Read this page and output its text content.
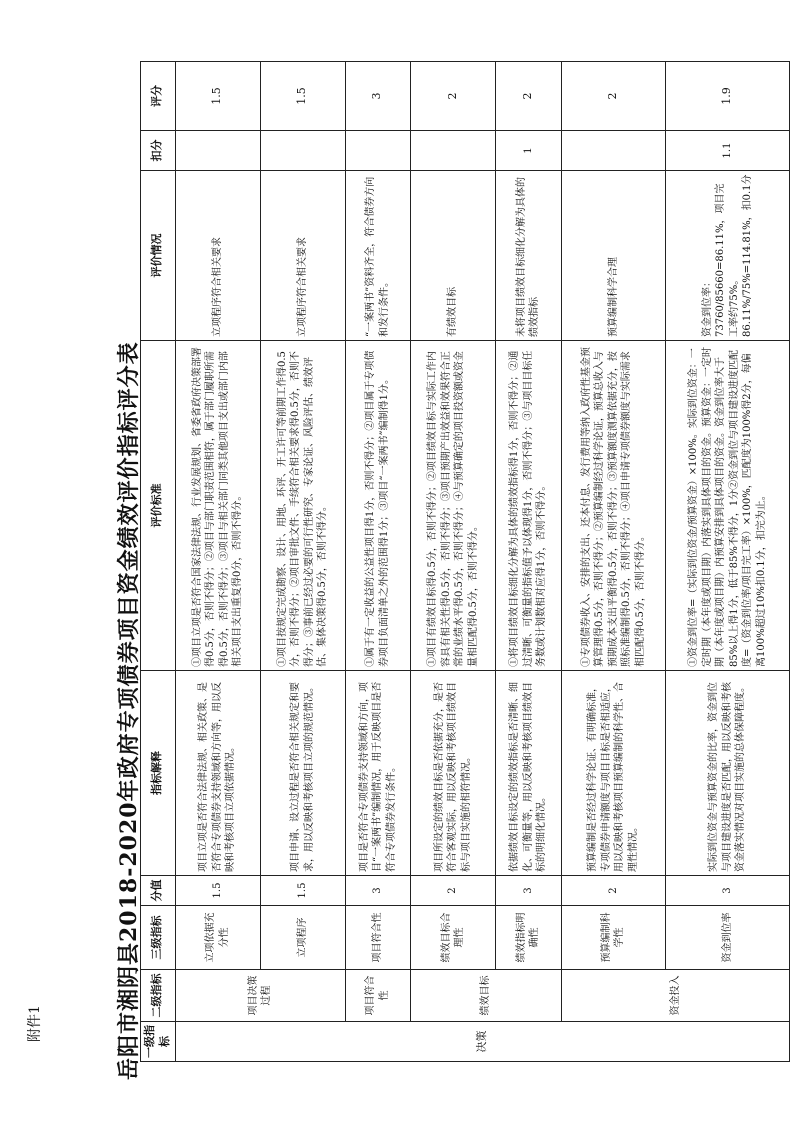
附件1	岳阳市湘阴县2018-2020年政府专项债券项目资金绩效评价指标评分表 一级指标	二级指标	三级指标	分值	指标解释	评价标准	评价情况	扣分	评分
决策	项目决策过程	立项依据充分性	1.5	项目立项是否符合法律法规、相关政策、是否符合专项债券支持领域和方向等，用以反映和考核项目立项依据情况。	①项目立项是否符合国家法律法规、行业发展规划、省委省政府决策部署得0.5分，否则不得分；②项目与部门职责范围相符，属于部门履职所需得0.5分，否则不得分；③项目与相关部门同类其他项目支出或部门内部相关项目支出重复得0分，否则不得分。	立项程序符合相关要求		1.5
		立项程序	1.5	项目申请、设立过程是否符合相关规定和要求，用以反映和考核项目立项的规范情况。	①项目按规定完成勘察、设计、用地、环评、开工许可等前期工作得0.5分，否则不得分；②项目审批文件、手续符合相关要求得0.5分，否则不得分；③事前已经过必要的可行性研究、专家论证、风险评估、绩效评估、集体决策得0.5分，否则不得分。	立项程序符合相关要求		1.5
	项目符合性	项目符合性	3	项目是否符合专项债券支持领域和方向，项目“一案两书”编制情况，用于反映项目是否符合专项债券发行条件。	①属于有一定收益的公益性项目得1分，否则不得分；②项目属于专项债券项目负面清单之外的范围得1分；③项目“一案两书”编制得1分。	“一案两书”资料齐全，符合债券方向和发行条件。		3
	绩效目标	绩效目标合理性	2	项目所设定的绩效目标是否依据充分，是否符合客观实际，用以反映和考核项目绩效目标与项目实施的相符情况。	①项目有绩效目标得0.5分，否则不得分；②项目绩效目标与实际工作内容具有相关性得0.5分，否则不得分；③项目预期产出效益和效果符合正常的业绩水平得0.5分，否则不得分；④与预算确定的项目投资额或资金量相匹配得0.5分，否则不得分。	有绩效目标		2
		绩效指标明确性	3	依据绩效目标设定的绩效指标是否清晰、细化、可衡量等，用以反映和考核项目绩效目标的明细化情况。	①将项目绩效目标细化分解为具体的绩效指标得1分，否则不得分；②通过清晰、可衡量的指标值予以体现得1分，否则不得分；③与项目目标任务数或计划数相对应得1分，否则不得分。	未将项目绩效目标细化分解为具体的绩效指标	1	2
	资金投入	预算编制科学性	2	预算编制是否经过科学论证、有明确标准，专项债券申请额度与项目目标是否相适应，用以反映和考核项目预算编制的科学性、合理性情况。	①专项债券收入、安排的支出、还本付息、发行费用等纳入政府性基金预算管理得0.5分，否则不得分；②预算编制经过科学论证，预算总收入与预期成本支出平衡得0.5分，否则不得分；③预算额度测算依据充分，按照标准编制得0.5分，否则不得分；④项目申请专项债券额度与实际需求相匹配得0.5分，否则不得分。	预算编制科学合理		2
		资金到位率	3	实际到位资金与预算资金的比率，资金到位与项目建设进度是否匹配，用以反映和考核资金落实情况对项目实施的总体保障程度。	①资金到位率=（实际到位资金/预算资金）×100%。实际到位资金：一定时期（本年度或项目期）内落实到具体项目的资金。预算资金：一定时期（本年度或项目期）内预算安排到具体项目的资金。资金到位率大于85%以上得1分，低于85%不得分，1分②资金到位与项目建设进度匹配度=（资金到位率/项目完工率）×100%，匹配度为100%得2分，每偏离100%超过10%扣0.1分，扣完为止。	资金到位率：73760/85660=86.11%，项目完工率约75%。86.11%/75%=114.81%，扣0.1分	1.1	1.9
